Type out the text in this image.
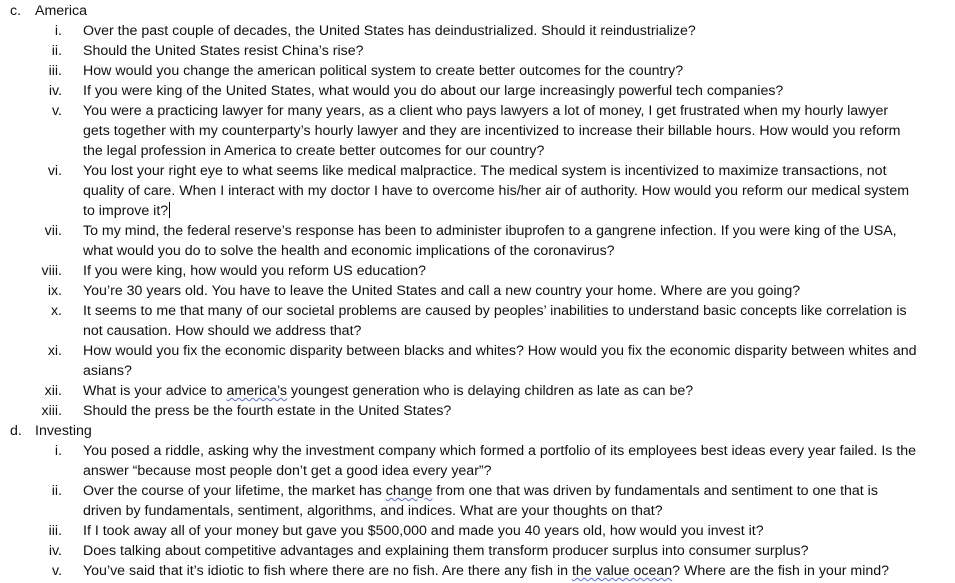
c. America
i. Over the past couple of decades, the United States has deindustrialized. Should it reindustrialize?
ii. Should the United States resist China’s rise?
iii. How would you change the american political system to create better outcomes for the country?
iv. If you were king of the United States, what would you do about our large increasingly powerful tech companies?
v. You were a practicing lawyer for many years, as a client who pays lawyers a lot of money, I get frustrated when my hourly lawyer
gets together with my counterparty’s hourly lawyer and they are incentivized to increase their billable hours. How would you reform
the legal profession in America to create better outcomes for our country?
vi. You lost your right eye to what seems like medical malpractice. The medical system is incentivized to maximize transactions, not
quality of care. When I interact with my doctor I have to overcome his/her air of authority. How would you reform our medical system
to improve it?
vii. To my mind, the federal reserve’s response has been to administer ibuprofen to a gangrene infection. If you were king of the USA,
what would you do to solve the health and economic implications of the coronavirus?
viii. If you were king, how would you reform US education?
ix. You’re 30 years old. You have to leave the United States and call a new country your home. Where are you going?
x. It seems to me that many of our societal problems are caused by peoples’ inabilities to understand basic concepts like correlation is
not causation. How should we address that?
xi. How would you fix the economic disparity between blacks and whites? How would you fix the economic disparity between whites and
asians?
xii. What is your advice to america’s youngest generation who is delaying children as late as can be?
xiii. Should the press be the fourth estate in the United States?
d. Investing
i. You posed a riddle, asking why the investment company which formed a portfolio of its employees best ideas every year failed. Is the
answer “because most people don’t get a good idea every year”?
ii. Over the course of your lifetime, the market has change from one that was driven by fundamentals and sentiment to one that is
driven by fundamentals, sentiment, algorithms, and indices. What are your thoughts on that?
iii. If I took away all of your money but gave you $500,000 and made you 40 years old, how would you invest it?
iv. Does talking about competitive advantages and explaining them transform producer surplus into consumer surplus?
v. You’ve said that it’s idiotic to fish where there are no fish. Are there any fish in the value ocean? Where are the fish in your mind?
